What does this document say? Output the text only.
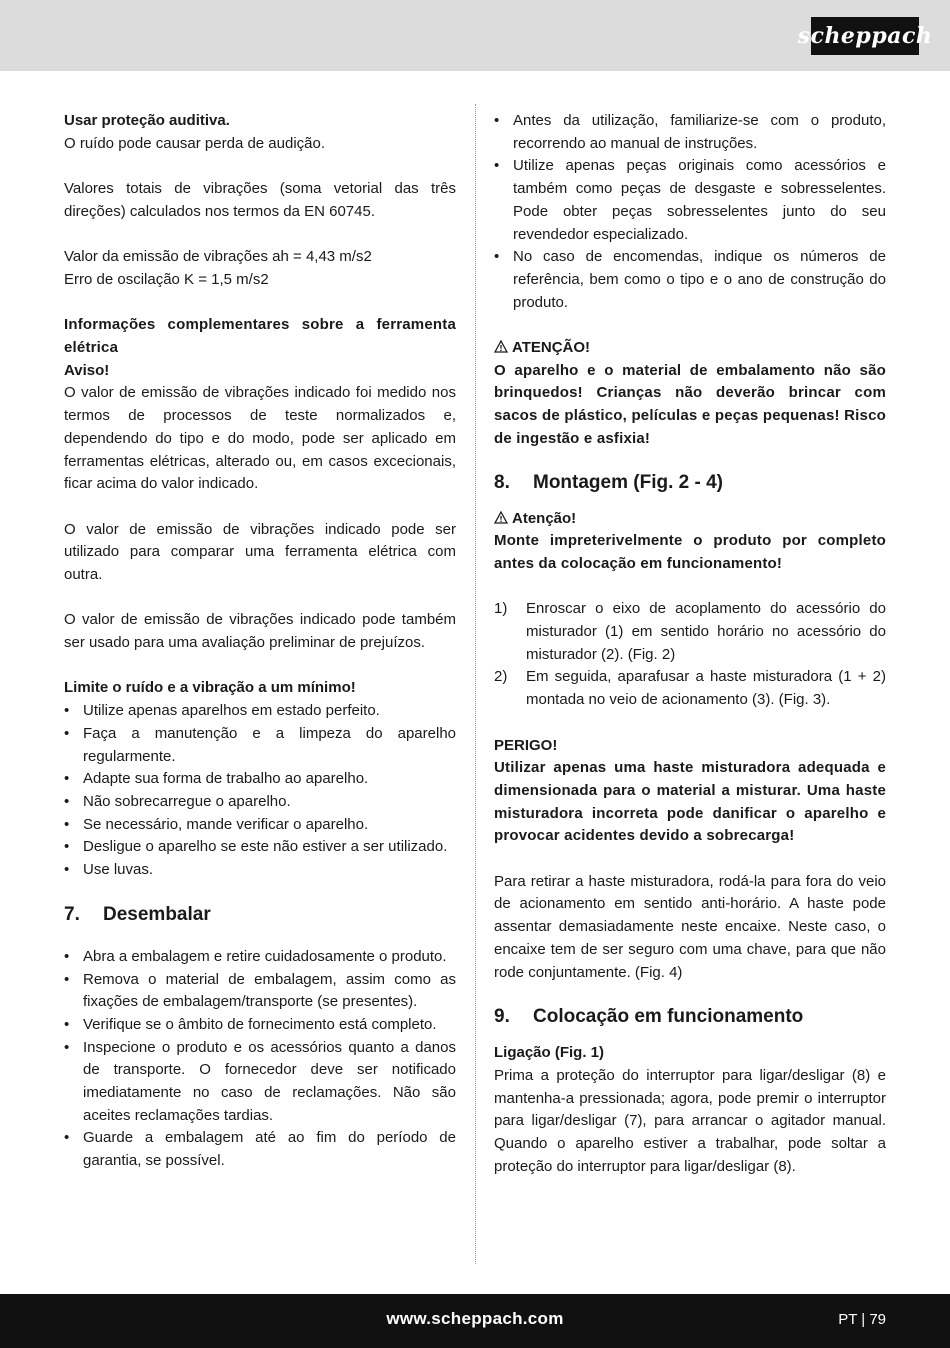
scheppach

Usar proteção auditiva.

O ruído pode causar perda de audição.

Valores totais de vibrações (soma vetorial das três direções) calculados nos termos da EN 60745.

Valor da emissão de vibrações ah = 4,43 m/s2

Erro de oscilação K = 1,5 m/s2

Informações complementares sobre a ferramenta elétrica

Aviso!

O valor de emissão de vibrações indicado foi medido nos termos de processos de teste normalizados e, dependendo do tipo e do modo, pode ser aplicado em ferramentas elétricas, alterado ou, em casos excecionais, ficar acima do valor indicado.

O valor de emissão de vibrações indicado pode ser utilizado para comparar uma ferramenta elétrica com outra.

O valor de emissão de vibrações indicado pode também ser usado para uma avaliação preliminar de prejuízos.

Limite o ruído e a vibração a um mínimo!

• Utilize apenas aparelhos em estado perfeito.
• Faça a manutenção e a limpeza do aparelho regularmente.
• Adapte sua forma de trabalho ao aparelho.
• Não sobrecarregue o aparelho.
• Se necessário, mande verificar o aparelho.
• Desligue o aparelho se este não estiver a ser utilizado.
• Use luvas.
7. Desembalar
• Abra a embalagem e retire cuidadosamente o produto.
• Remova o material de embalagem, assim como as fixações de embalagem/transporte (se presentes).
• Verifique se o âmbito de fornecimento está completo.
• Inspecione o produto e os acessórios quanto a danos de transporte. O fornecedor deve ser notificado imediatamente no caso de reclamações. Não são aceites reclamações tardias.
• Guarde a embalagem até ao fim do período de garantia, se possível.
• Antes da utilização, familiarize-se com o produto, recorrendo ao manual de instruções.
• Utilize apenas peças originais como acessórios e também como peças de desgaste e sobresselentes. Pode obter peças sobresselentes junto do seu revendedor especializado.
• No caso de encomendas, indique os números de referência, bem como o tipo e o ano de construção do produto.

ATENÇÃO!

O aparelho e o material de embalamento não são brinquedos! Crianças não deverão brincar com sacos de plástico, películas e peças pequenas! Risco de ingestão e asfixia!

8. Montagem (Fig. 2 - 4)

Atenção!

Monte impreterivelmente o produto por completo antes da colocação em funcionamento!

1) Enroscar o eixo de acoplamento do acessório do misturador (1) em sentido horário no acessório do misturador (2). (Fig. 2)
2) Em seguida, aparafusar a haste misturadora (1 + 2) montada no veio de acionamento (3). (Fig. 3).

PERIGO!

Utilizar apenas uma haste misturadora adequada e dimensionada para o material a misturar. Uma haste misturadora incorreta pode danificar o aparelho e provocar acidentes devido a sobrecarga!

Para retirar a haste misturadora, rodá-la para fora do veio de acionamento em sentido anti-horário. A haste pode assentar demasiadamente neste encaixe. Neste caso, o encaixe tem de ser seguro com uma chave, para que não rode conjuntamente. (Fig. 4)

9. Colocação em funcionamento

Ligação (Fig. 1)

Prima a proteção do interruptor para ligar/desligar (8) e mantenha-a pressionada; agora, pode premir o interruptor para ligar/desligar (7), para arrancar o agitador manual. Quando o aparelho estiver a trabalhar, pode soltar a proteção do interruptor para ligar/desligar (8).

www.scheppach.com	PT | 79
